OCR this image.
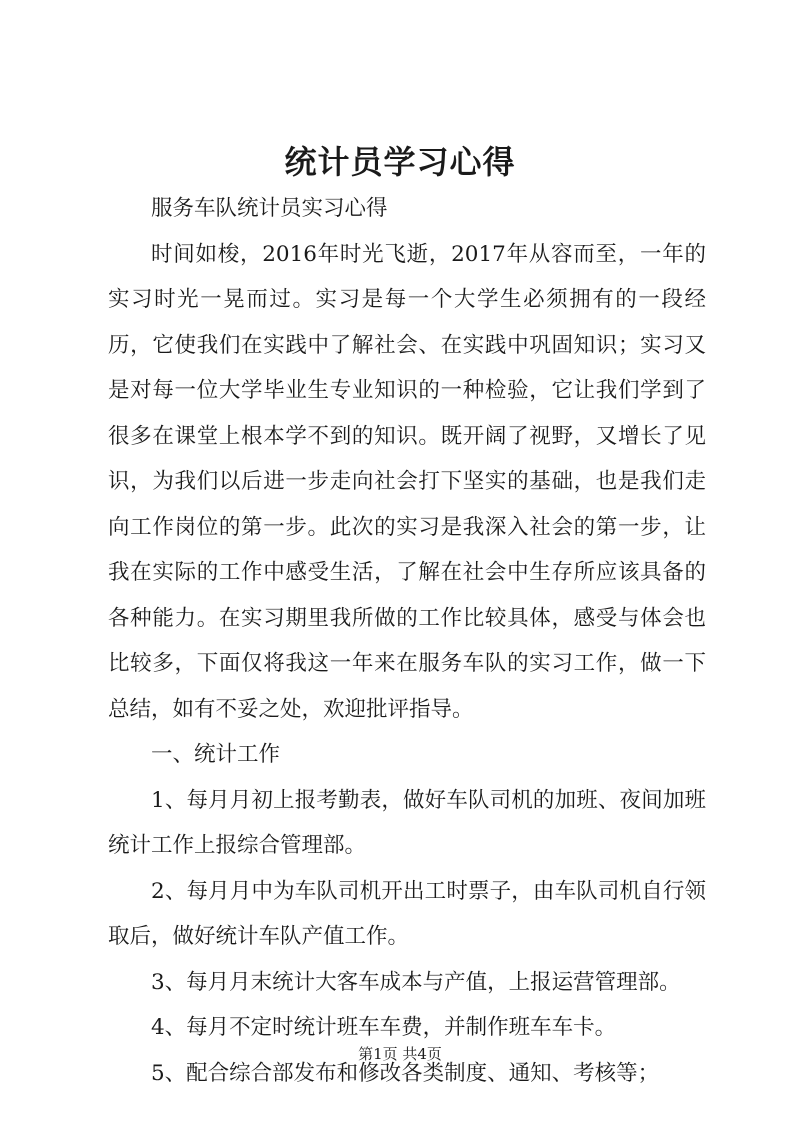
统计员学习心得

服务车队统计员实习心得

时间如梭，2016年时光飞逝，2017年从容而至，一年的实习时光一晃而过。实习是每一个大学生必须拥有的一段经历，它使我们在实践中了解社会、在实践中巩固知识；实习又是对每一位大学毕业生专业知识的一种检验，它让我们学到了很多在课堂上根本学不到的知识。既开阔了视野，又增长了见识，为我们以后进一步走向社会打下坚实的基础，也是我们走向工作岗位的第一步。此次的实习是我深入社会的第一步，让我在实际的工作中感受生活，了解在社会中生存所应该具备的各种能力。在实习期里我所做的工作比较具体，感受与体会也比较多，下面仅将我这一年来在服务车队的实习工作，做一下总结，如有不妥之处，欢迎批评指导。

一、统计工作

1、每月月初上报考勤表，做好车队司机的加班、夜间加班统计工作上报综合管理部。

2、每月月中为车队司机开出工时票子，由车队司机自行领取后，做好统计车队产值工作。

3、每月月末统计大客车成本与产值，上报运营管理部。

4、每月不定时统计班车车费，并制作班车车卡。

5、配合综合部发布和修改各类制度、通知、考核等；

第1页 共4页
